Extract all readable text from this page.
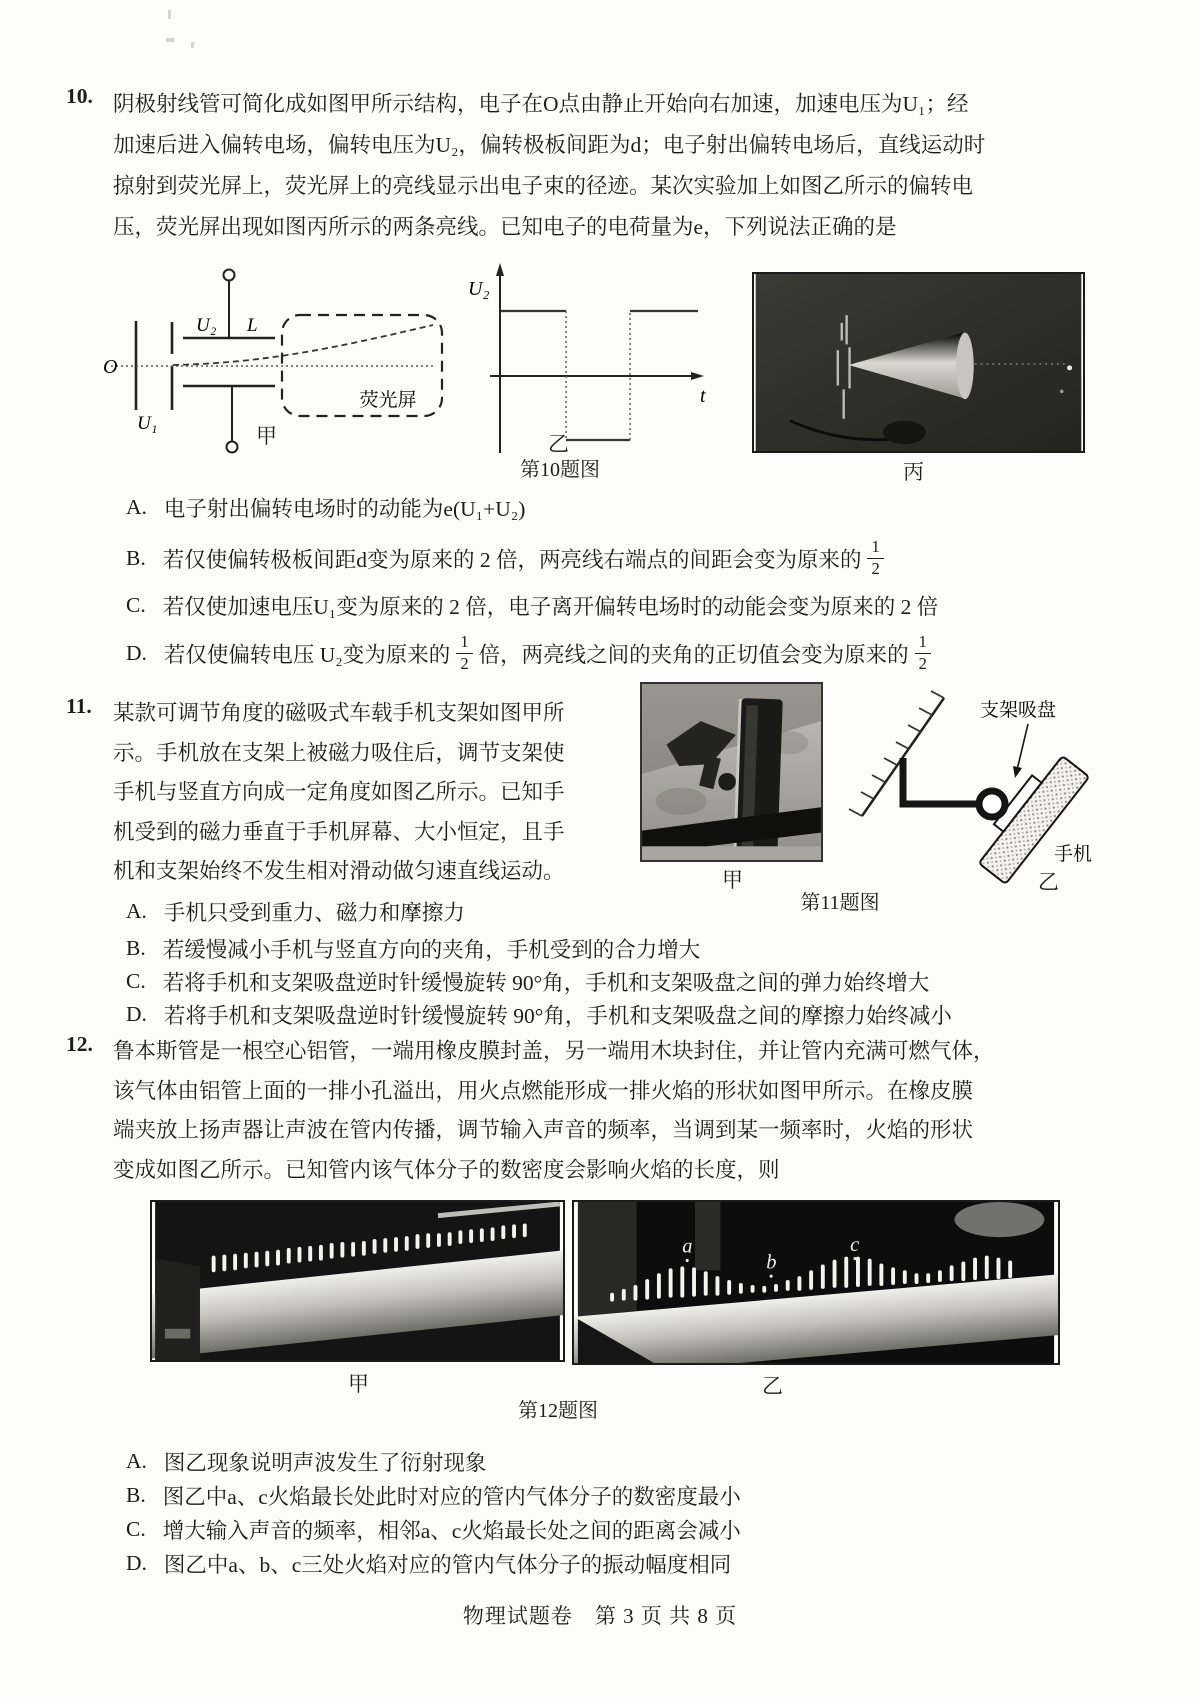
10. 阴极射线管可简化成如图甲所示结构，电子在O点由静止开始向右加速，加速电压为U₁；经
加速后进入偏转电场，偏转电压为U₂，偏转极板间距为d；电子射出偏转电场后，直线运动时
掠射到荧光屏上，荧光屏上的亮线显示出电子束的径迹。某次实验加上如图乙所示的偏转电
压，荧光屏出现如图丙所示的两条亮线。已知电子的电荷量为e，下列说法正确的是
O
U₁
U₂ L
荧光屏
U₂
t
甲	乙
丙
第10题图
A. 电子射出偏转电场时的动能为e(U₁+U₂)
B. 若仅使偏转极板间距d变为原来的 2 倍，两亮线右端点的间距会变为原来的 $\frac{1}{2}$
C. 若仅使加速电压U₁变为原来的 2 倍，电子离开偏转电场时的动能会变为原来的 2 倍
D. 若仅使偏转电压 U₂变为原来的 $\frac{1}{2}$ 倍，两亮线之间的夹角的正切值会变为原来的 $\frac{1}{2}$
11. 某款可调节角度的磁吸式车载手机支架如图甲所
示。手机放在支架上被磁力吸住后，调节支架使
手机与竖直方向成一定角度如图乙所示。已知手
机受到的磁力垂直于手机屏幕、大小恒定，且手
机和支架始终不发生相对滑动做匀速直线运动。
支架吸盘
手机
甲	乙
第11题图
A. 手机只受到重力、磁力和摩擦力
B. 若缓慢减小手机与竖直方向的夹角，手机受到的合力增大
C. 若将手机和支架吸盘逆时针缓慢旋转 90°角，手机和支架吸盘之间的弹力始终增大
D. 若将手机和支架吸盘逆时针缓慢旋转 90°角，手机和支架吸盘之间的摩擦力始终减小
12. 鲁本斯管是一根空心铝管，一端用橡皮膜封盖，另一端用木块封住，并让管内充满可燃气体，
该气体由铝管上面的一排小孔溢出，用火点燃能形成一排火焰的形状如图甲所示。在橡皮膜
端夹放上扬声器让声波在管内传播，调节输入声音的频率，当调到某一频率时，火焰的形状
变成如图乙所示。已知管内该气体分子的数密度会影响火焰的长度，则
a
b
c
甲	乙
第12题图
A. 图乙现象说明声波发生了衍射现象
B. 图乙中a、c火焰最长处此时对应的管内气体分子的数密度最小
C. 增大输入声音的频率，相邻a、c火焰最长处之间的距离会减小
D. 图乙中a、b、c三处火焰对应的管内气体分子的振动幅度相同
物理试题卷　第 3 页 共 8 页
